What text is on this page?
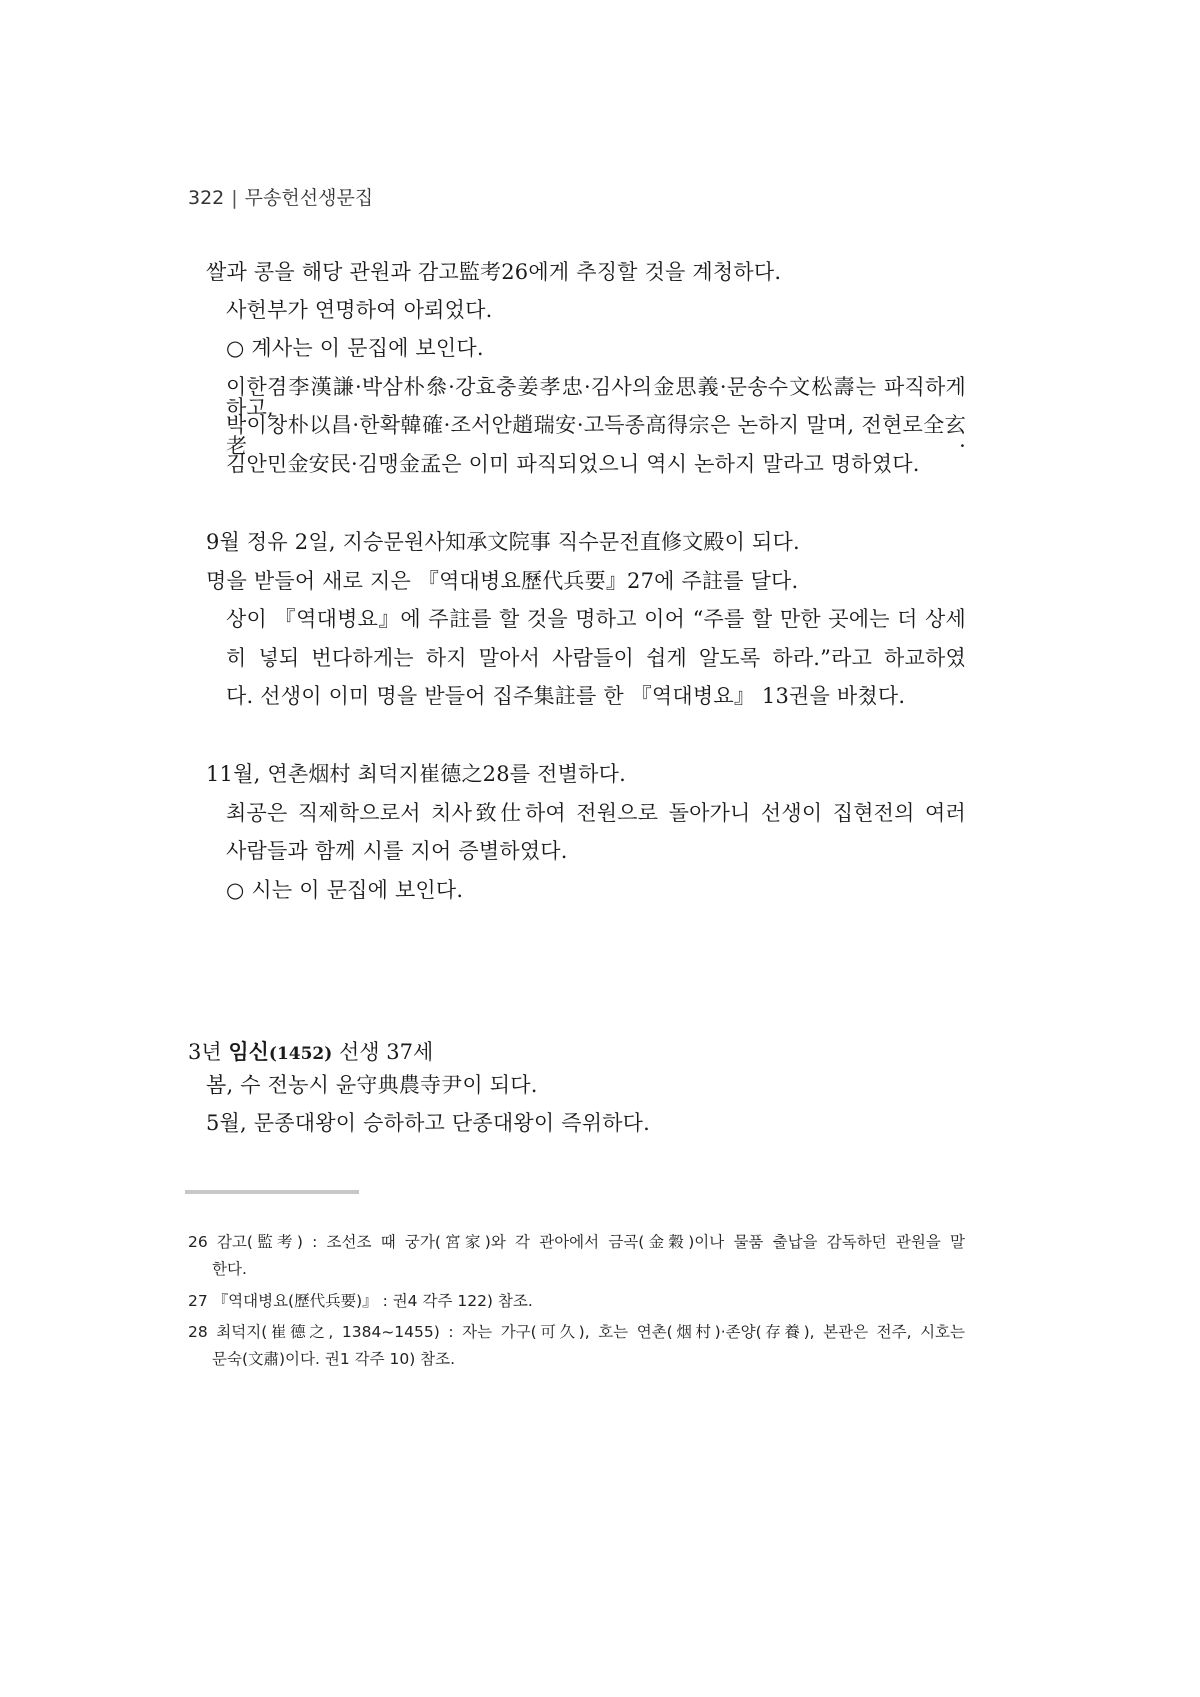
322 | 무송헌선생문집
쌀과 콩을 해당 관원과 감고監考26에게 추징할 것을 계청하다.
사헌부가 연명하여 아뢰었다.
○ 계사는 이 문집에 보인다.
이한겸李漢謙·박삼朴叅·강효충姜孝忠·김사의金思義·문송수文松壽는 파직하게 하고,
박이창朴以昌·한확韓確·조서안趙瑞安·고득종高得宗은 논하지 말며, 전현로全玄老·
김안민金安民·김맹金孟은 이미 파직되었으니 역시 논하지 말라고 명하였다.
9월 정유 2일, 지승문원사知承文院事 직수문전直修文殿이 되다.
명을 받들어 새로 지은 『역대병요歷代兵要』27에 주註를 달다.
상이 『역대병요』에 주註를 할 것을 명하고 이어 “주를 할 만한 곳에는 더 상세
히 넣되 번다하게는 하지 말아서 사람들이 쉽게 알도록 하라.”라고 하교하였
다. 선생이 이미 명을 받들어 집주集註를 한 『역대병요』 13권을 바쳤다.
11월, 연촌烟村 최덕지崔德之28를 전별하다.
최공은 직제학으로서 치사致仕하여 전원으로 돌아가니 선생이 집현전의 여러
사람들과 함께 시를 지어 증별하였다.
○ 시는 이 문집에 보인다.
3년 임신(1452) 선생 37세
봄, 수 전농시 윤守典農寺尹이 되다.
5월, 문종대왕이 승하하고 단종대왕이 즉위하다.
26 감고(監考) : 조선조 때 궁가(宮家)와 각 관아에서 금곡(金穀)이나 물품 출납을 감독하던 관원을 말
한다.
27 『역대병요(歷代兵要)』 : 권4 각주 122) 참조.
28 최덕지(崔德之, 1384~1455) : 자는 가구(可久), 호는 연촌(烟村)·존양(存養), 본관은 전주, 시호는
문숙(文肅)이다. 권1 각주 10) 참조.
